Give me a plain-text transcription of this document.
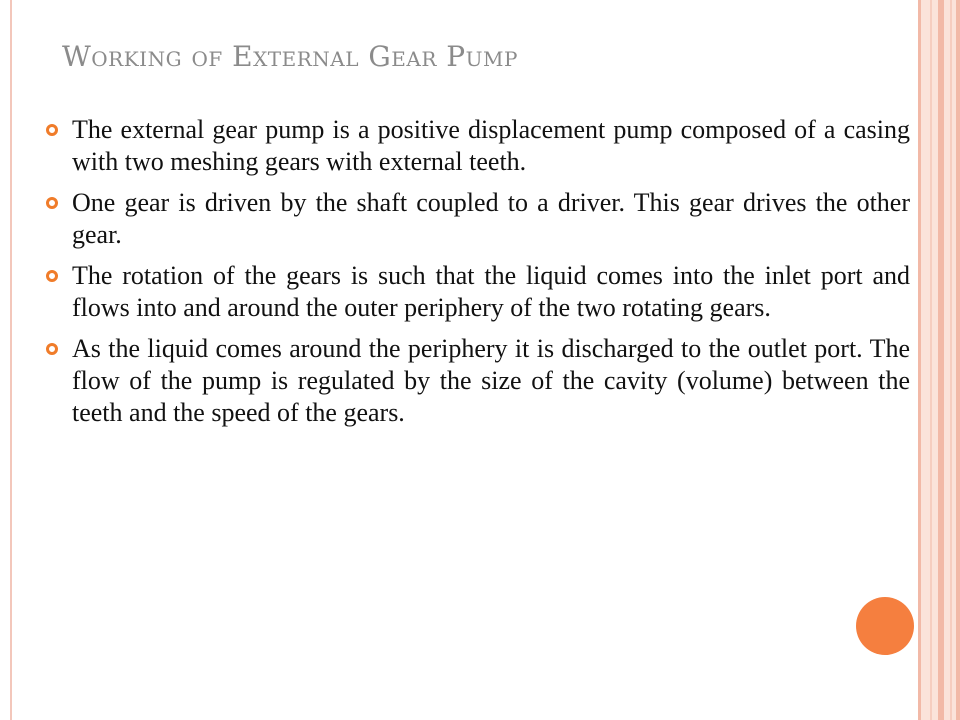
Working of External Gear Pump
The external gear pump is a positive displacement pump composed of a casing with two meshing gears with external teeth.
One gear is driven by the shaft coupled to a driver. This gear drives the other gear.
The rotation of the gears is such that the liquid comes into the inlet port and flows into and around the outer periphery of the two rotating gears.
As the liquid comes around the periphery it is discharged to the outlet port. The flow of the pump is regulated by the size of the cavity (volume) between the teeth and the speed of the gears.
